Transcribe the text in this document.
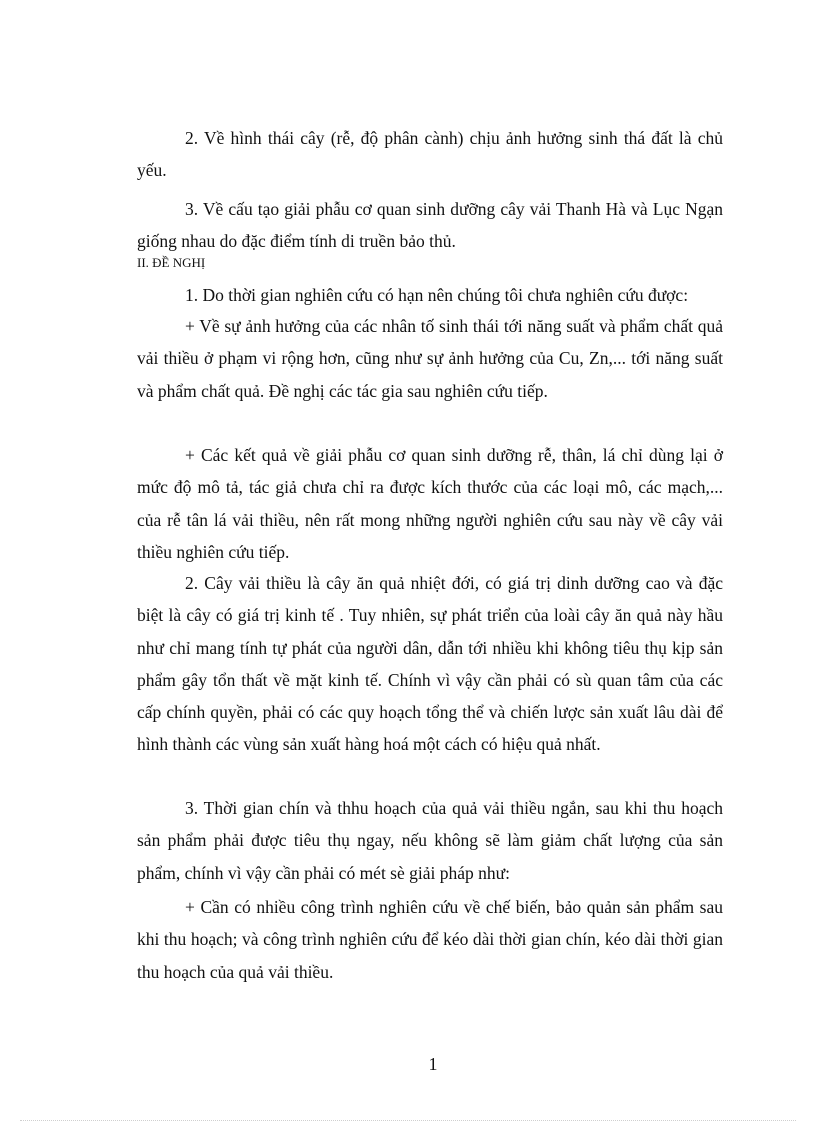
2. Về hình thái cây (rễ, độ phân cành) chịu ảnh hưởng sinh thá đất là chủ yếu.

3. Về cấu tạo giải phẫu cơ quan sinh dưỡng cây vải Thanh Hà và Lục Ngạn giống nhau do đặc điểm tính di truền bảo thủ.

II. ĐỀ NGHỊ

1. Do thời gian nghiên cứu có hạn nên chúng tôi chưa nghiên cứu được:

+ Về sự ảnh hưởng của các nhân tố sinh thái tới năng suất và phẩm chất quả vải thiều ở phạm vi rộng hơn, cũng như sự ảnh hưởng của Cu, Zn,... tới năng suất và phẩm chất quả. Đề nghị các tác gia sau nghiên cứu tiếp.

+ Các kết quả về giải phẫu cơ quan sinh dưỡng rễ, thân, lá chỉ dùng lại ở mức độ mô tả, tác giả chưa chỉ ra được kích thước của các loại mô, các mạch,... của rễ tân lá vải thiều, nên rất mong những người nghiên cứu sau này về cây vải thiều nghiên cứu tiếp.

2. Cây vải thiều là cây ăn quả nhiệt đới, có giá trị dinh dưỡng cao và đặc biệt là cây có giá trị kinh tế . Tuy nhiên, sự phát triển của loài cây ăn quả này hầu như chỉ mang tính tự phát của người dân, dẫn tới nhiều khi không tiêu thụ kịp sản phẩm gây tổn thất về mặt kinh tế. Chính vì vậy cần phải có sù quan tâm của các cấp chính quyền, phải có các quy hoạch tổng thể và chiến lược sản xuất lâu dài để hình thành các vùng sản xuất hàng hoá một cách có hiệu quả nhất.

3. Thời gian chín và thhu hoạch của quả vải thiều ngắn, sau khi thu hoạch sản phẩm phải được tiêu thụ ngay, nếu không sẽ làm giảm chất lượng của sản phẩm, chính vì vậy cần phải có mét sè giải pháp như:

+ Cần có nhiều công trình nghiên cứu về chế biến, bảo quản sản phẩm sau khi thu hoạch; và công trình nghiên cứu để kéo dài thời gian chín, kéo dài thời gian thu hoạch của quả vải thiều.

1
